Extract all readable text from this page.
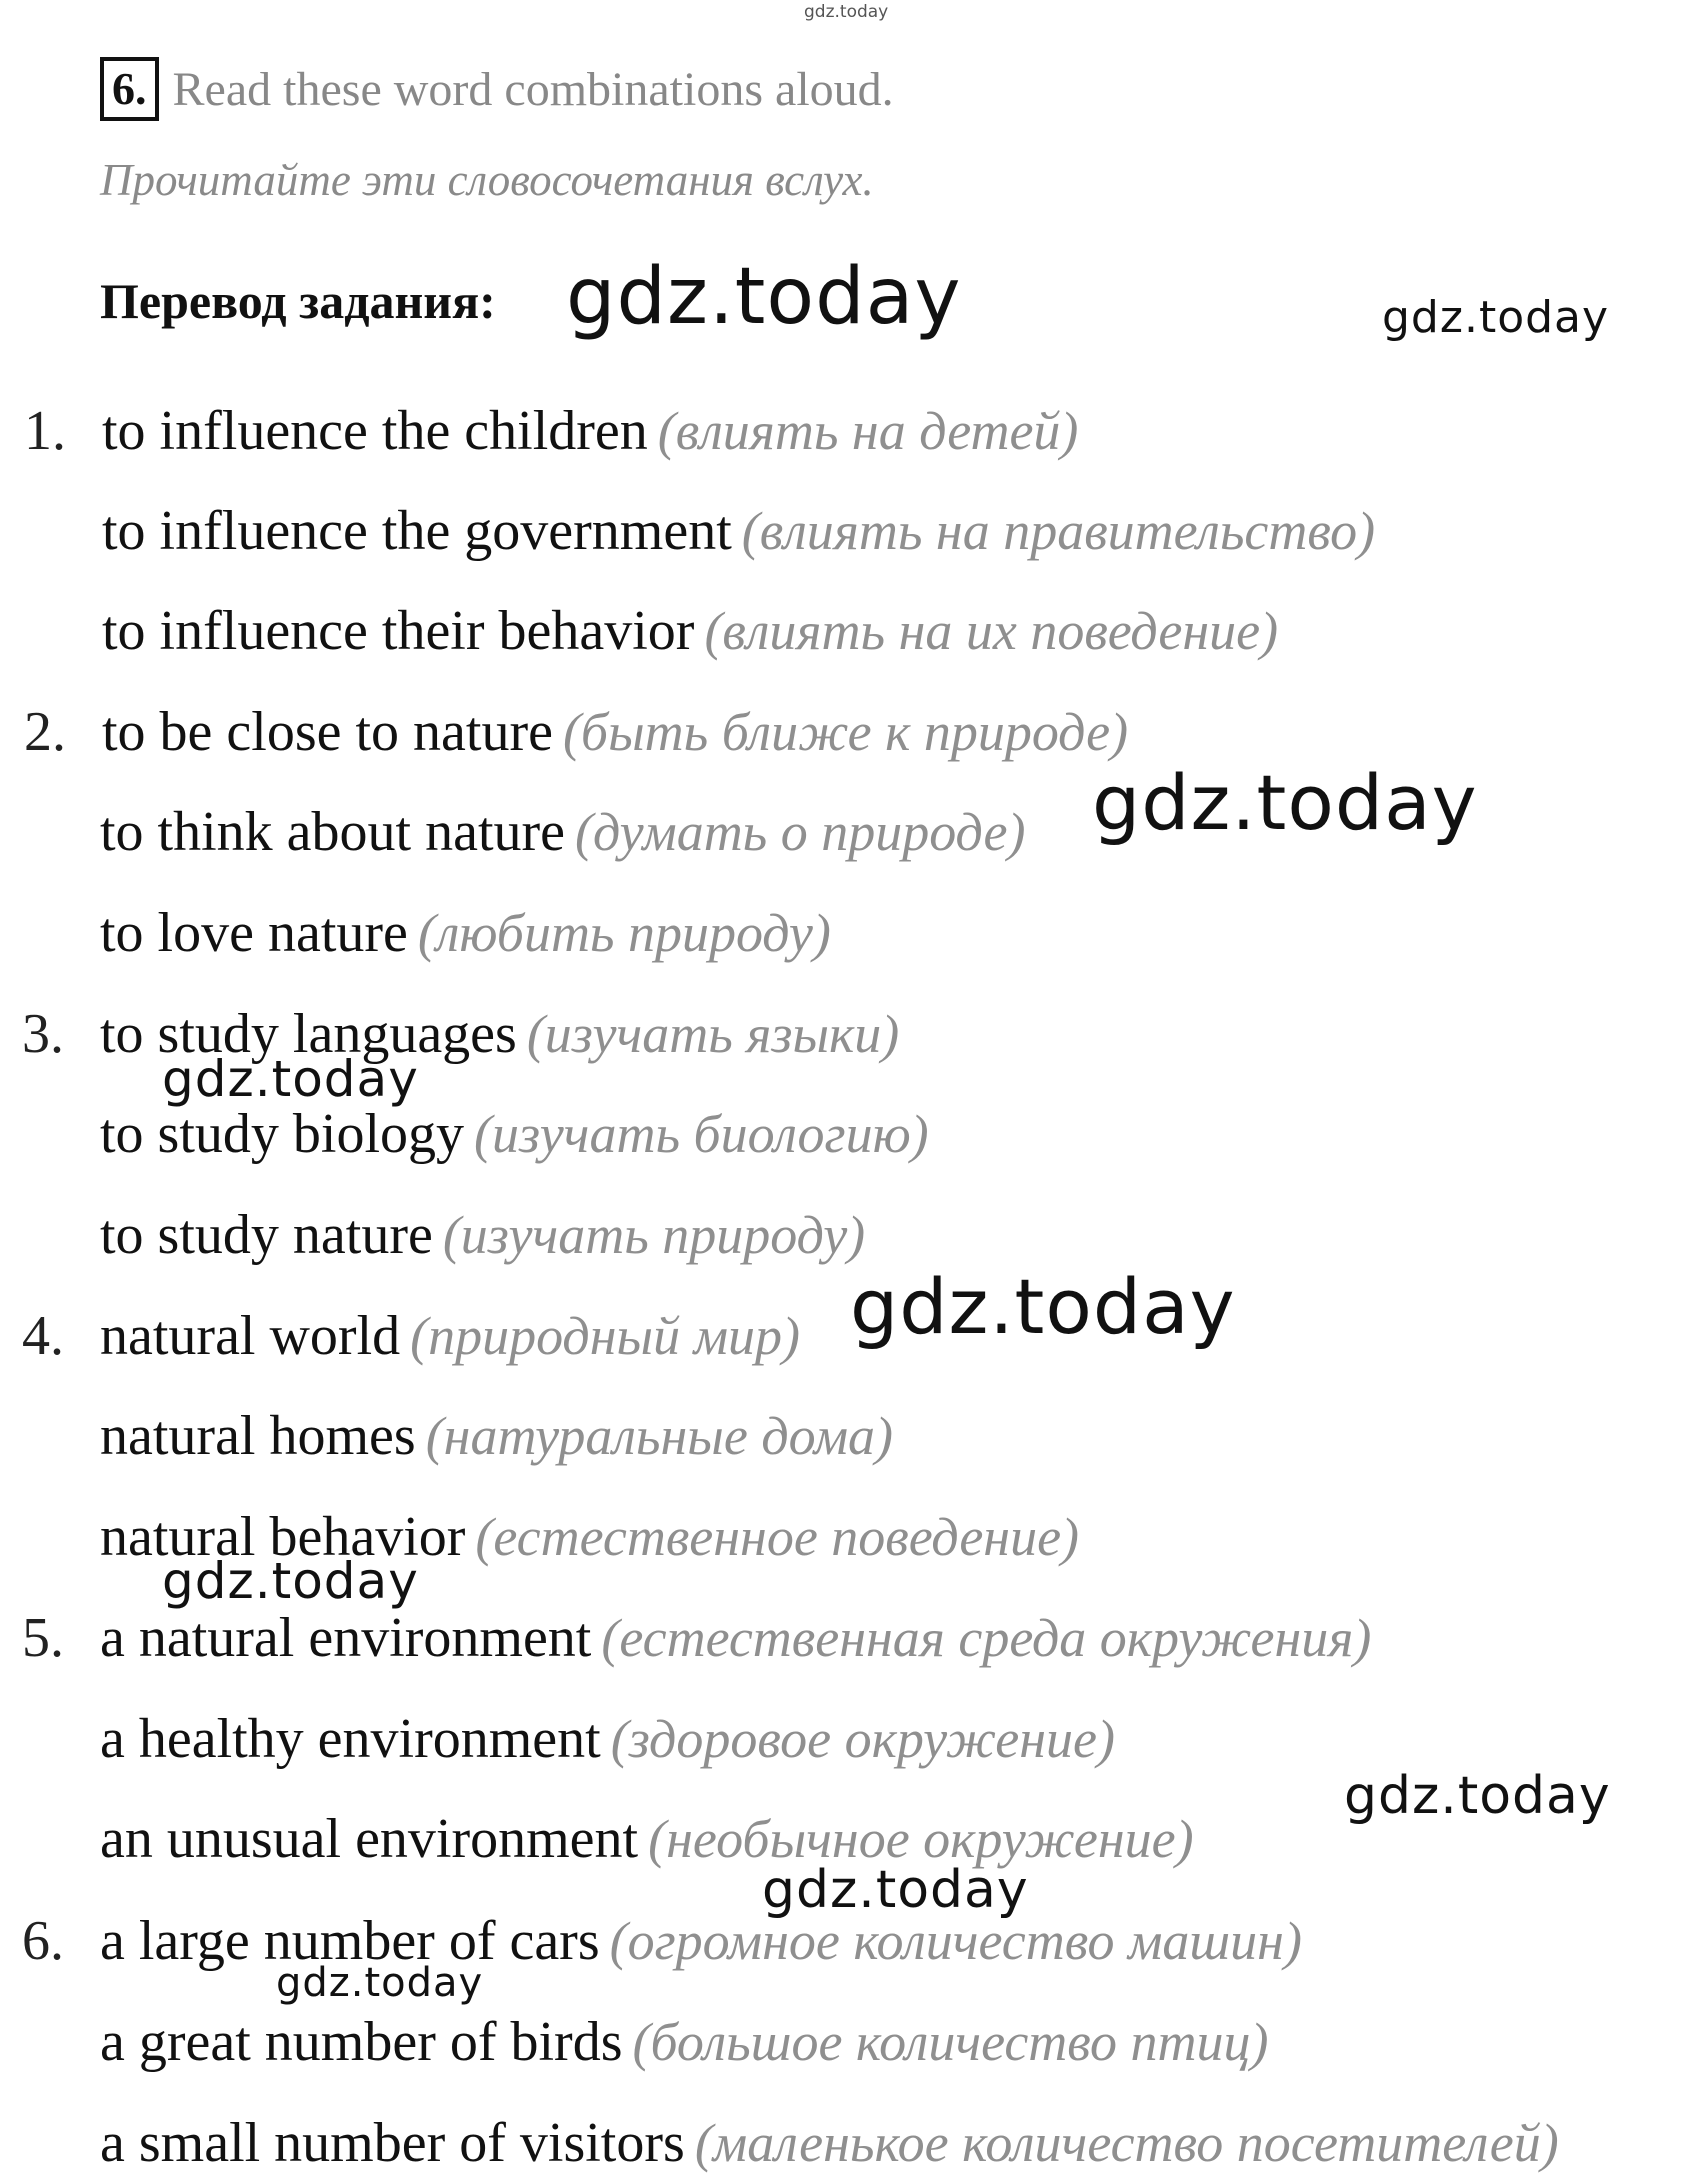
gdz.today
gdz.today
gdz.today
gdz.today
gdz.today
gdz.today
gdz.today
gdz.today
gdz.today
6. Read these word combinations aloud.
Прочитайте эти словосочетания вслух.
Перевод задания: gdz.today
1. to influence the children (влиять на детей)
to influence the government (влиять на правительство)
to influence their behavior (влиять на их поведение)
2. to be close to nature (быть ближе к природе)
to think about nature (думать о природе)
to love nature (любить природу)
3. to study languages (изучать языки)
to study biology (изучать биологию)
to study nature (изучать природу)
4. natural world (природный мир)
natural homes (натуральные дома)
natural behavior (естественное поведение)
5. a natural environment (естественная среда окружения)
a healthy environment (здоровое окружение)
an unusual environment (необычное окружение)
6. a large number of cars (огромное количество машин)
a great number of birds (большое количество птиц)
a small number of visitors (маленькое количество посетителей)
